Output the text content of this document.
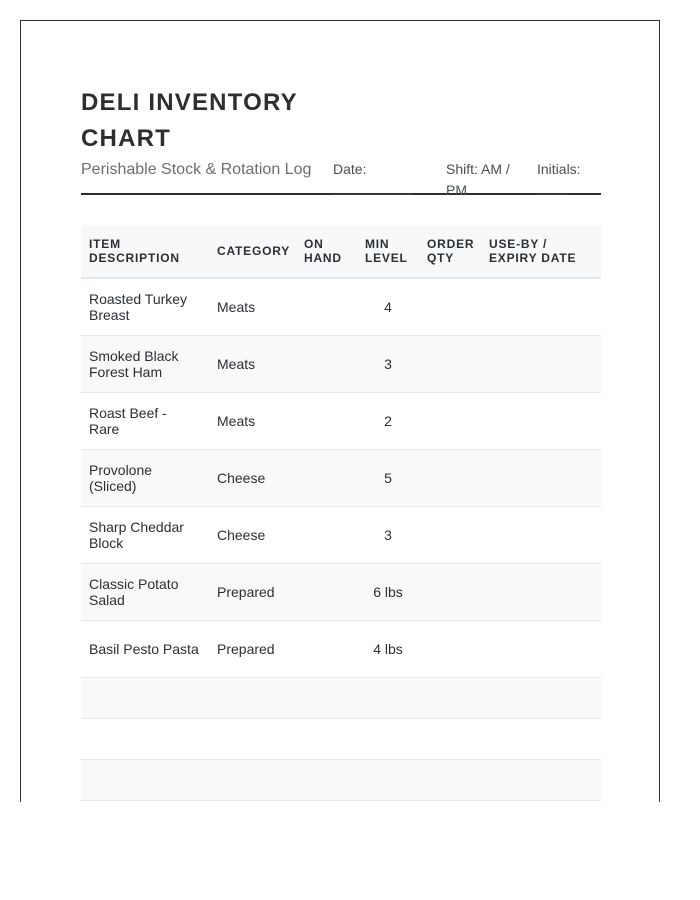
DELI INVENTORY CHART
Perishable Stock & Rotation Log Date:	Shift: AM / PM
Initials:
ITEM DESCRIPTION	CATEGORY	ON HAND	MIN LEVEL	ORDER QTY	USE-BY / EXPIRY DATE
Roasted Turkey Breast	Meats		4		
Smoked Black Forest Ham	Meats		3		
Roast Beef - Rare	Meats		2		
Provolone (Sliced)	Cheese		5		
Sharp Cheddar Block	Cheese		3		
Classic Potato Salad	Prepared		6 lbs		
Basil Pesto Pasta	Prepared		4 lbs		
